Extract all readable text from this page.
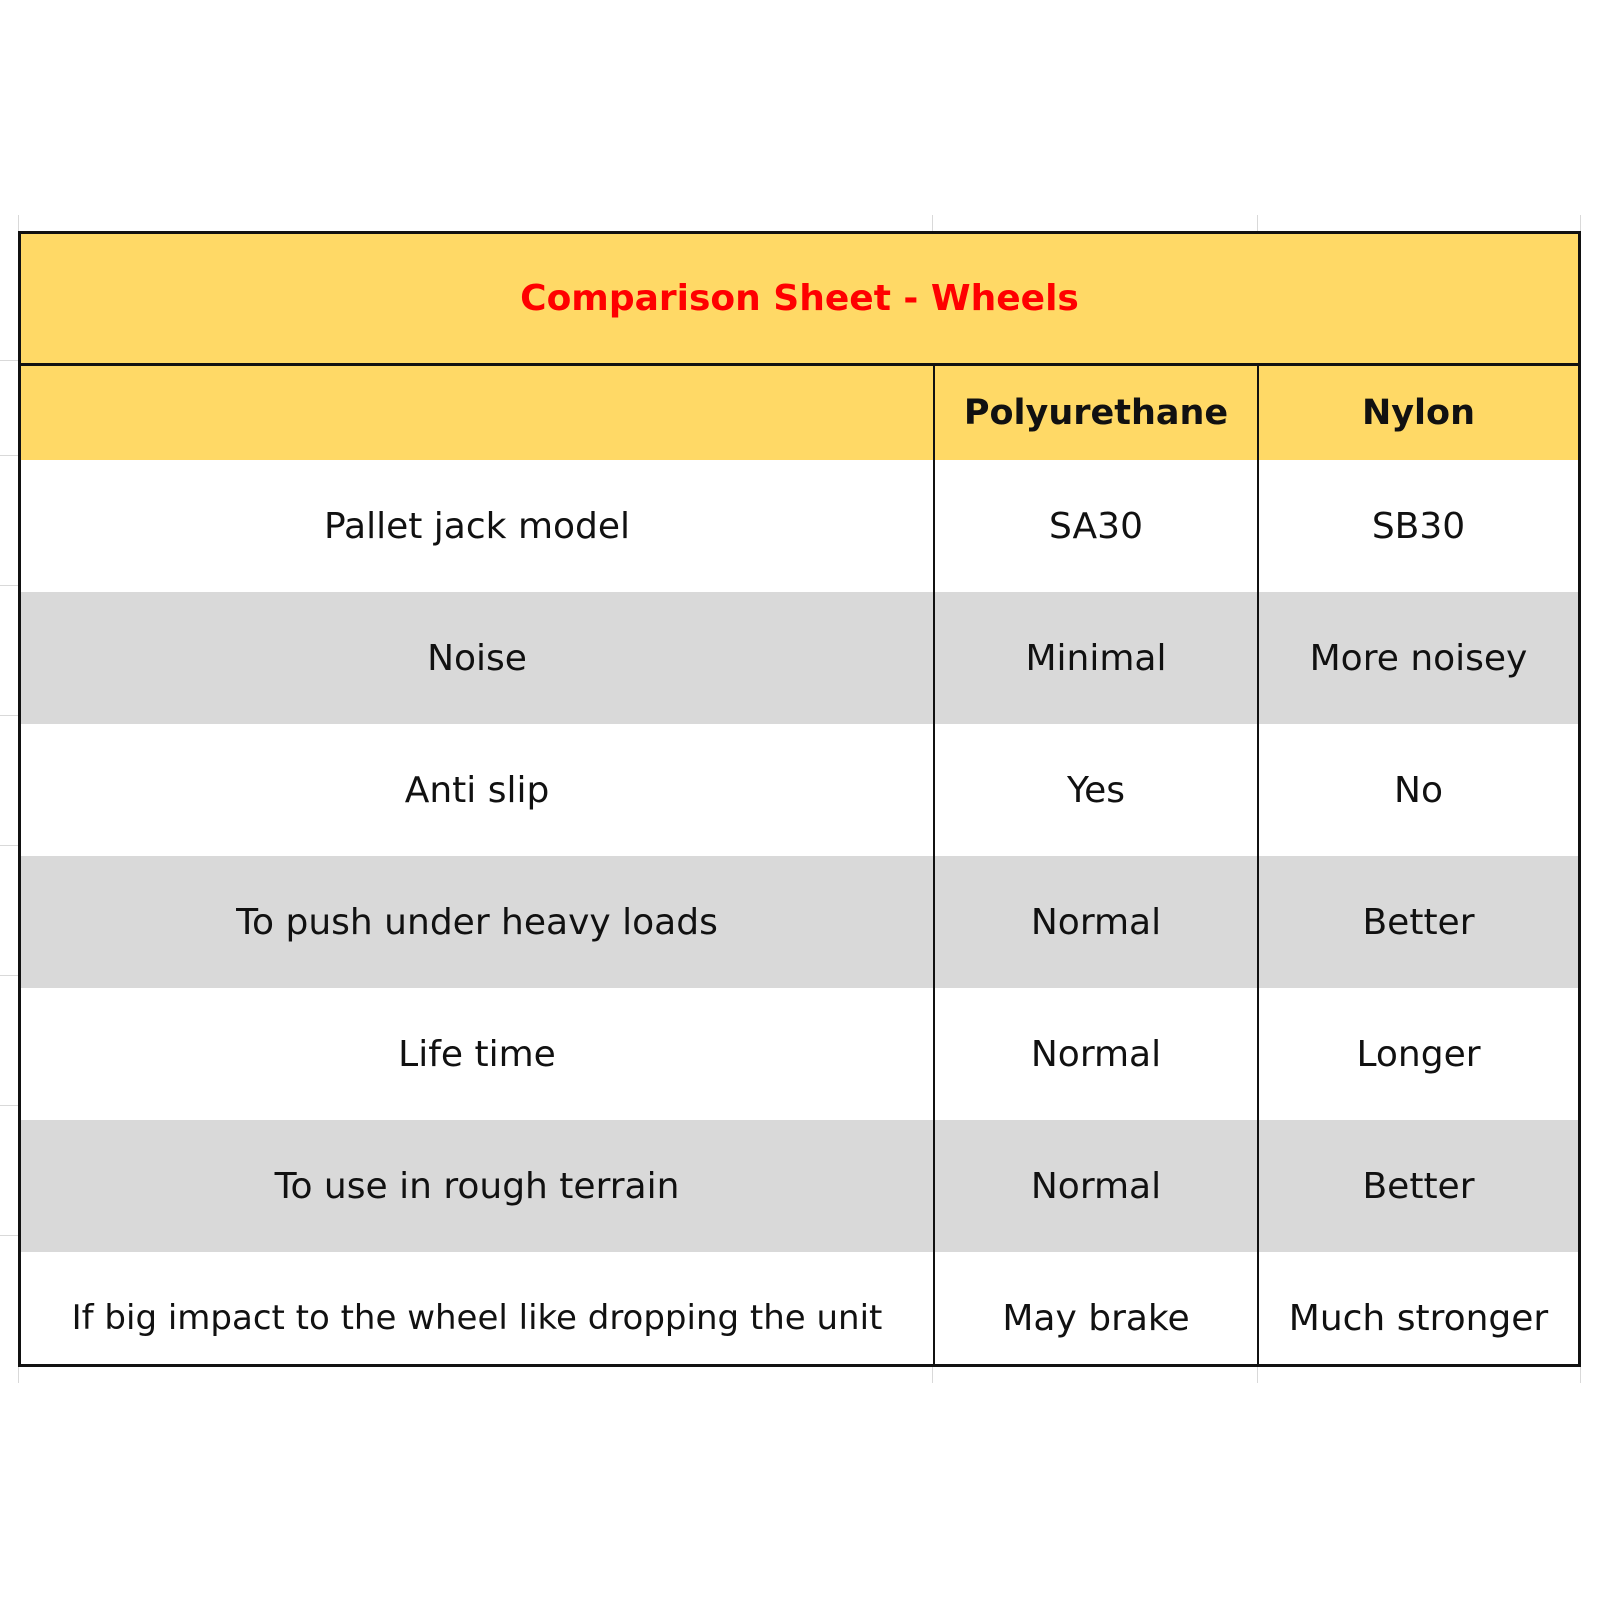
Comparison Sheet - Wheels		
	Polyurethane	Nylon
Pallet jack model	SA30	SB30
Noise	Minimal	More noisey
Anti slip	Yes	No
To push under heavy loads	Normal	Better
Life time	Normal	Longer
To use in rough terrain	Normal	Better
If big impact to the wheel like dropping the unit	May brake	Much stronger
